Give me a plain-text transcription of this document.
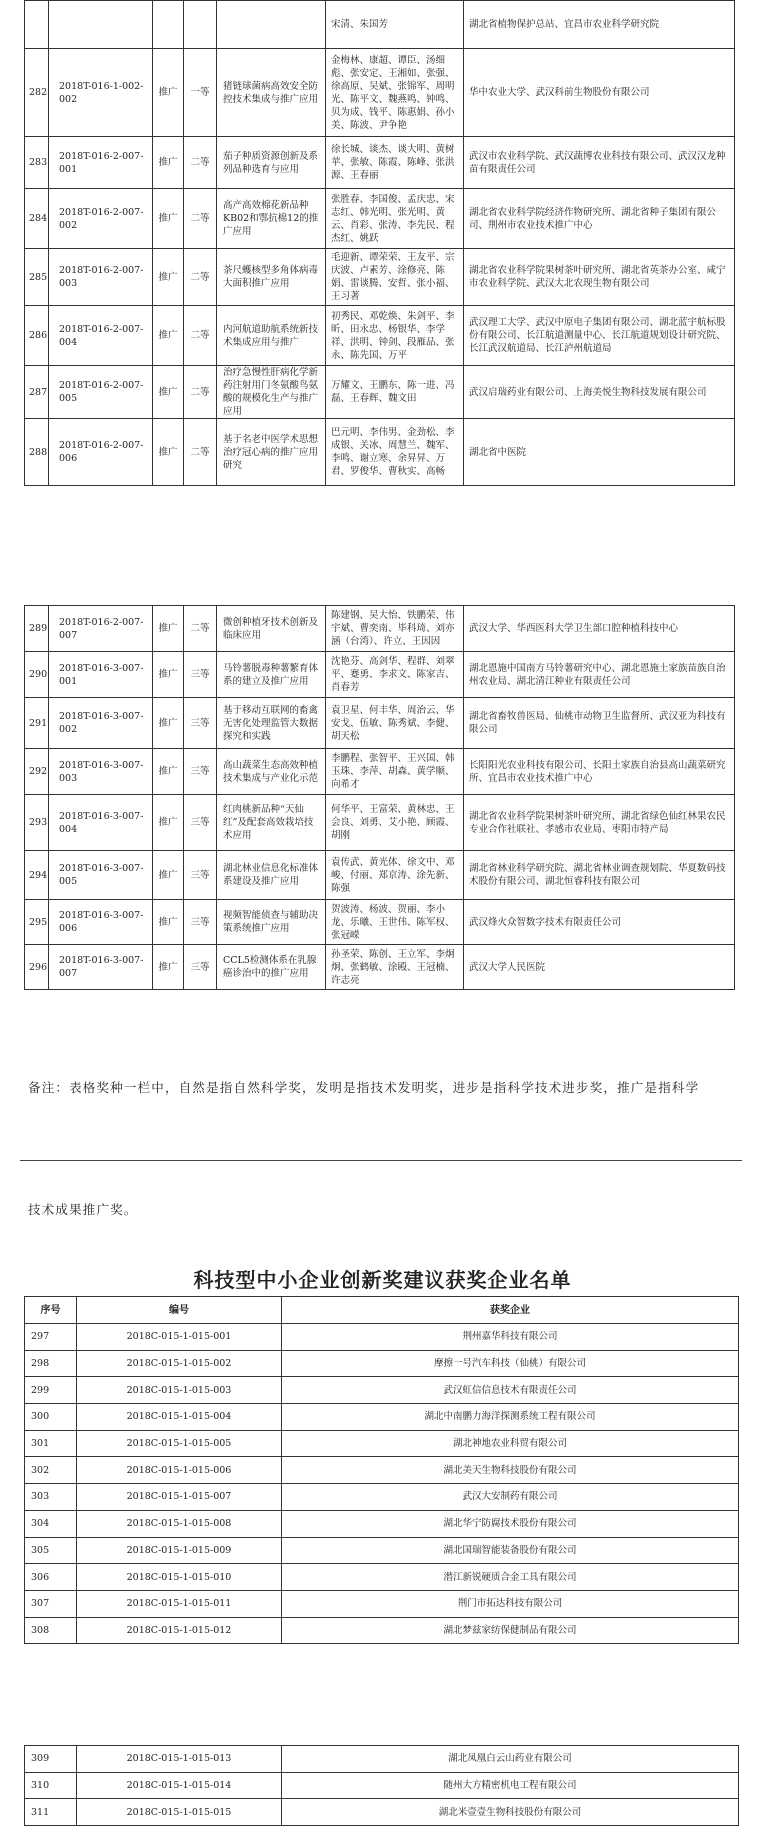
					宋清、朱国芳	湖北省植物保护总站、宜昌市农业科学研究院
282	2018T-016-1-002-002	推广	一等	猪链球菌病高效安全防控技术集成与推广应用	金梅林、康超、谭臣、汤细彪、张安定、王湘如、张强、徐高原、吴斌、张锦军、周明光、陈平文、魏燕鸣、钟鸣、贝为成、钱平、陈惠娟、孙小美、陈波、尹争艳	华中农业大学、武汉科前生物股份有限公司
283	2018T-016-2-007-001	推广	二等	茄子种质资源创新及系列品种选育与应用	徐长城、谈杰、谈大明、黄树苹、张敏、陈霞、陈峰、张洪源、王春丽	武汉市农业科学院、武汉蔬博农业科技有限公司、武汉汉龙种苗有限责任公司
284	2018T-016-2-007-002	推广	二等	高产高效棉花新品种KB02和鄂抗棉12的推广应用	张胜春、李国俊、孟庆忠、宋志红、韩光明、张光明、黄云、肖彩、张涛、李先民、程杰红、姚跃	湖北省农业科学院经济作物研究所、湖北省种子集团有限公司、荆州市农业技术推广中心
285	2018T-016-2-007-003	推广	二等	茶尺蠖核型多角体病毒大面积推广应用	毛迎新、谭荣荣、王友平、宗庆波、卢素芳、涂修亮、陈娟、雷谈腾、安哲、张小福、王习著	湖北省农业科学院果树茶叶研究所、湖北省英茶办公室、咸宁市农业科学院、武汉大北农现生物有限公司
286	2018T-016-2-007-004	推广	二等	内河航道助航系统新技术集成应用与推广	初秀民、邓乾焕、朱剑平、李昕、田永忠、杨银华、李学祥、洪明、钟剑、段雁品、张永、陈先国、万平	武汉理工大学、武汉中原电子集团有限公司、湖北蓝宇航标股份有限公司、长江航道测量中心、长江航道规划设计研究院、长江武汉航道局、长江泸州航道局
287	2018T-016-2-007-005	推广	二等	治疗急慢性肝病化学新药注射用门冬氨酸鸟氨酸的规模化生产与推广应用	万耀文、王鹏东、陈一进、冯磊、王春辉、魏文田	武汉启瑞药业有限公司、上海美悦生物科技发展有限公司
288	2018T-016-2-007-006	推广	二等	基于名老中医学术思想治疗冠心病的推广应用研究	巴元明、李伟男、金劲松、李成银、关冰、周慧兰、魏军、李鸣、谢立寒、余昇昇、万君、罗俊华、曹秋实、高畅	湖北省中医院
289	2018T-016-2-007-007	推广	二等	微创种植牙技术创新及临床应用	陈建钢、吴大怡、铁鹏荣、伟宇斌、曹奕南、毕科琦、刘亦涵（台湾）、许立、王因因	武汉大学、华西医科大学卫生部口腔种植科技中心
290	2018T-016-3-007-001	推广	三等	马铃薯脱毒种薯繁育体系的建立及推广应用	沈艳芬、高剑华、程群、刘翠平、蹇勇、李求文、陈家吉、肖春芳	湖北恩施中国南方马铃薯研究中心、湖北恩施土家族苗族自治州农业局、湖北清江种业有限责任公司
291	2018T-016-3-007-002	推广	三等	基于移动互联网的畜禽无害化处理监管大数据探究和实践	袁卫星、何丰华、周治云、华安戈、伍敏、陈秀斌、李健、胡天松	湖北省畜牧兽医局、仙桃市动物卫生监督所、武汉亚为科技有限公司
292	2018T-016-3-007-003	推广	三等	高山蔬菜生态高效种植技术集成与产业化示范	李鹏程、张智平、王兴国、韩玉珠、李萍、胡森、黄学顺、向希才	长阳阳光农业科技有限公司、长阳土家族自治县高山蔬菜研究所、宜昌市农业技术推广中心
293	2018T-016-3-007-004	推广	三等	红肉桃新品种“天仙红”及配套高效栽培技术应用	何华平、王富荣、黄林忠、王会良、刘勇、艾小艳、顾霞、胡刚	湖北省农业科学院果树茶叶研究所、湖北省绿色仙红林果农民专业合作社联社、孝感市农业局、枣阳市特产局
294	2018T-016-3-007-005	推广	三等	湖北林业信息化标准体系建设及推广应用	袁传武、黄光体、徐文中、邓峻、付丽、郑京涛、涂先新、陈强	湖北省林业科学研究院、湖北省林业调查规划院、华夏数码技术股份有限公司、湖北恒睿科技有限公司
295	2018T-016-3-007-006	推广	三等	视频智能侦查与辅助决策系统推广应用	贺波涛、杨波、贺丽、李小龙、乐曦、王世伟、陈军权、张冠嵘	武汉烽火众智数字技术有限责任公司
296	2018T-016-3-007-007	推广	三等	CCL5检测体系在乳腺癌诊治中的推广应用	孙圣荣、陈创、王立军、李炯炯、张鹤敏、涂殿、王冠楠、许志亮	武汉大学人民医院
备注：表格奖种一栏中，自然是指自然科学奖，发明是指技术发明奖，进步是指科学技术进步奖，推广是指科学
技术成果推广奖。
科技型中小企业创新奖建议获奖企业名单
序号	编号	获奖企业
297	2018C-015-1-015-001	荆州嘉华科技有限公司
298	2018C-015-1-015-002	摩擦一号汽车科技（仙桃）有限公司
299	2018C-015-1-015-003	武汉虹信信息技术有限责任公司
300	2018C-015-1-015-004	湖北中南鹏力海洋探测系统工程有限公司
301	2018C-015-1-015-005	湖北神地农业科贸有限公司
302	2018C-015-1-015-006	湖北美天生物科技股份有限公司
303	2018C-015-1-015-007	武汉大安制药有限公司
304	2018C-015-1-015-008	湖北华宁防腐技术股份有限公司
305	2018C-015-1-015-009	湖北国瑞智能装备股份有限公司
306	2018C-015-1-015-010	潜江新锐硬质合金工具有限公司
307	2018C-015-1-015-011	荆门市拓达科技有限公司
308	2018C-015-1-015-012	湖北梦兹家纺保健制品有限公司
309	2018C-015-1-015-013	湖北凤凰白云山药业有限公司
310	2018C-015-1-015-014	随州大方精密机电工程有限公司
311	2018C-015-1-015-015	湖北米壹壹生物科技股份有限公司
